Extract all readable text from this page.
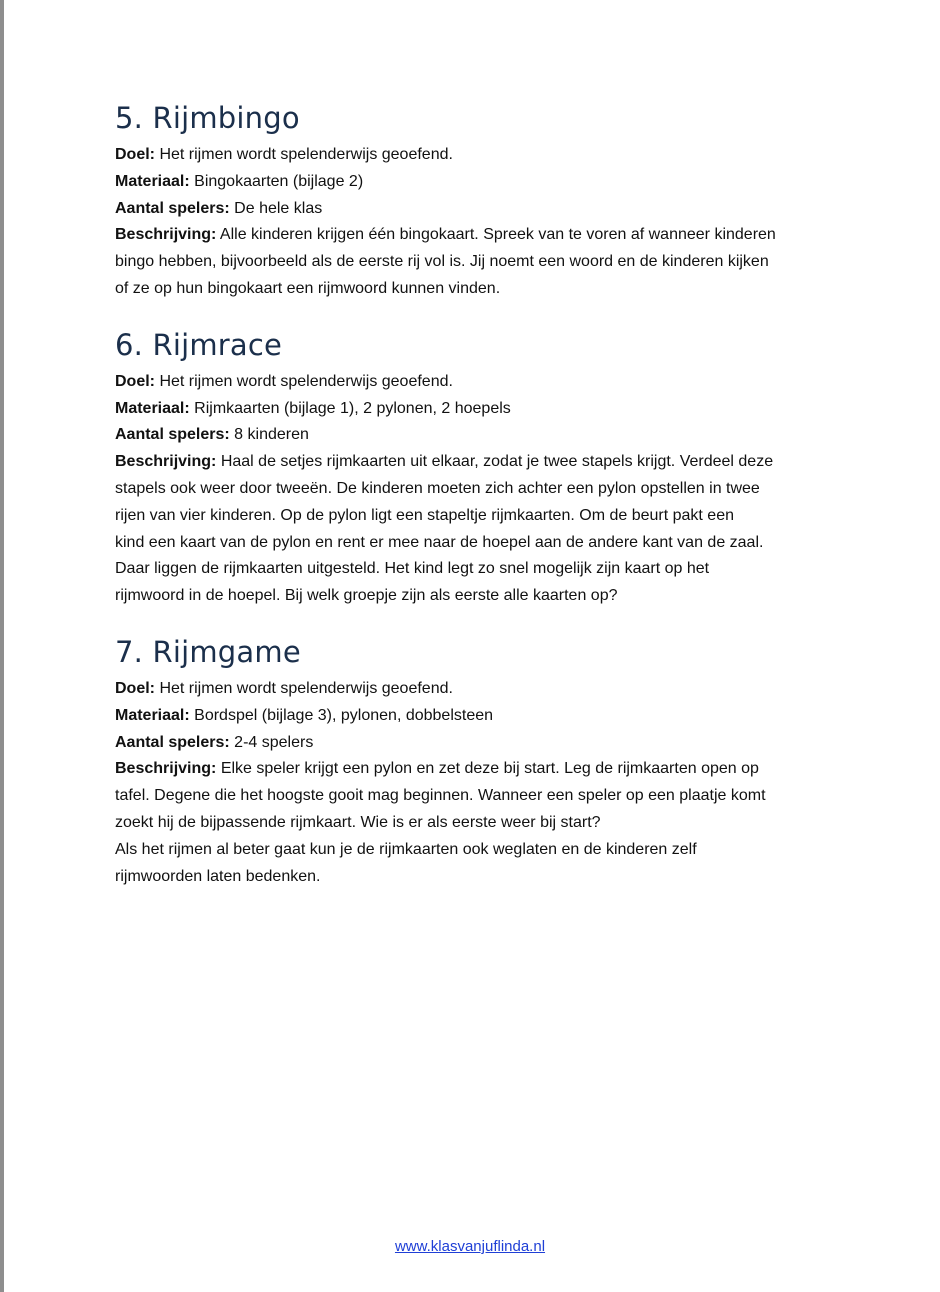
5. Rijmbingo

Doel: Het rijmen wordt spelenderwijs geoefend.

Materiaal: Bingokaarten (bijlage 2)

Aantal spelers: De hele klas

Beschrijving: Alle kinderen krijgen één bingokaart. Spreek van te voren af wanneer kinderen

bingo hebben, bijvoorbeeld als de eerste rij vol is. Jij noemt een woord en de kinderen kijken

of ze op hun bingokaart een rijmwoord kunnen vinden.

6. Rijmrace

Doel: Het rijmen wordt spelenderwijs geoefend.

Materiaal: Rijmkaarten (bijlage 1), 2 pylonen, 2 hoepels

Aantal spelers: 8 kinderen

Beschrijving: Haal de setjes rijmkaarten uit elkaar, zodat je twee stapels krijgt. Verdeel deze

stapels ook weer door tweeën. De kinderen moeten zich achter een pylon opstellen in twee

rijen van vier kinderen. Op de pylon ligt een stapeltje rijmkaarten. Om de beurt pakt een

kind een kaart van de pylon en rent er mee naar de hoepel aan de andere kant van de zaal.

Daar liggen de rijmkaarten uitgesteld. Het kind legt zo snel mogelijk zijn kaart op het

rijmwoord in de hoepel. Bij welk groepje zijn als eerste alle kaarten op?

7. Rijmgame

Doel: Het rijmen wordt spelenderwijs geoefend.

Materiaal: Bordspel (bijlage 3), pylonen, dobbelsteen

Aantal spelers: 2-4 spelers

Beschrijving: Elke speler krijgt een pylon en zet deze bij start. Leg de rijmkaarten open op

tafel. Degene die het hoogste gooit mag beginnen. Wanneer een speler op een plaatje komt

zoekt hij de bijpassende rijmkaart. Wie is er als eerste weer bij start?

Als het rijmen al beter gaat kun je de rijmkaarten ook weglaten en de kinderen zelf

rijmwoorden laten bedenken.

www.klasvanjuflinda.nl
